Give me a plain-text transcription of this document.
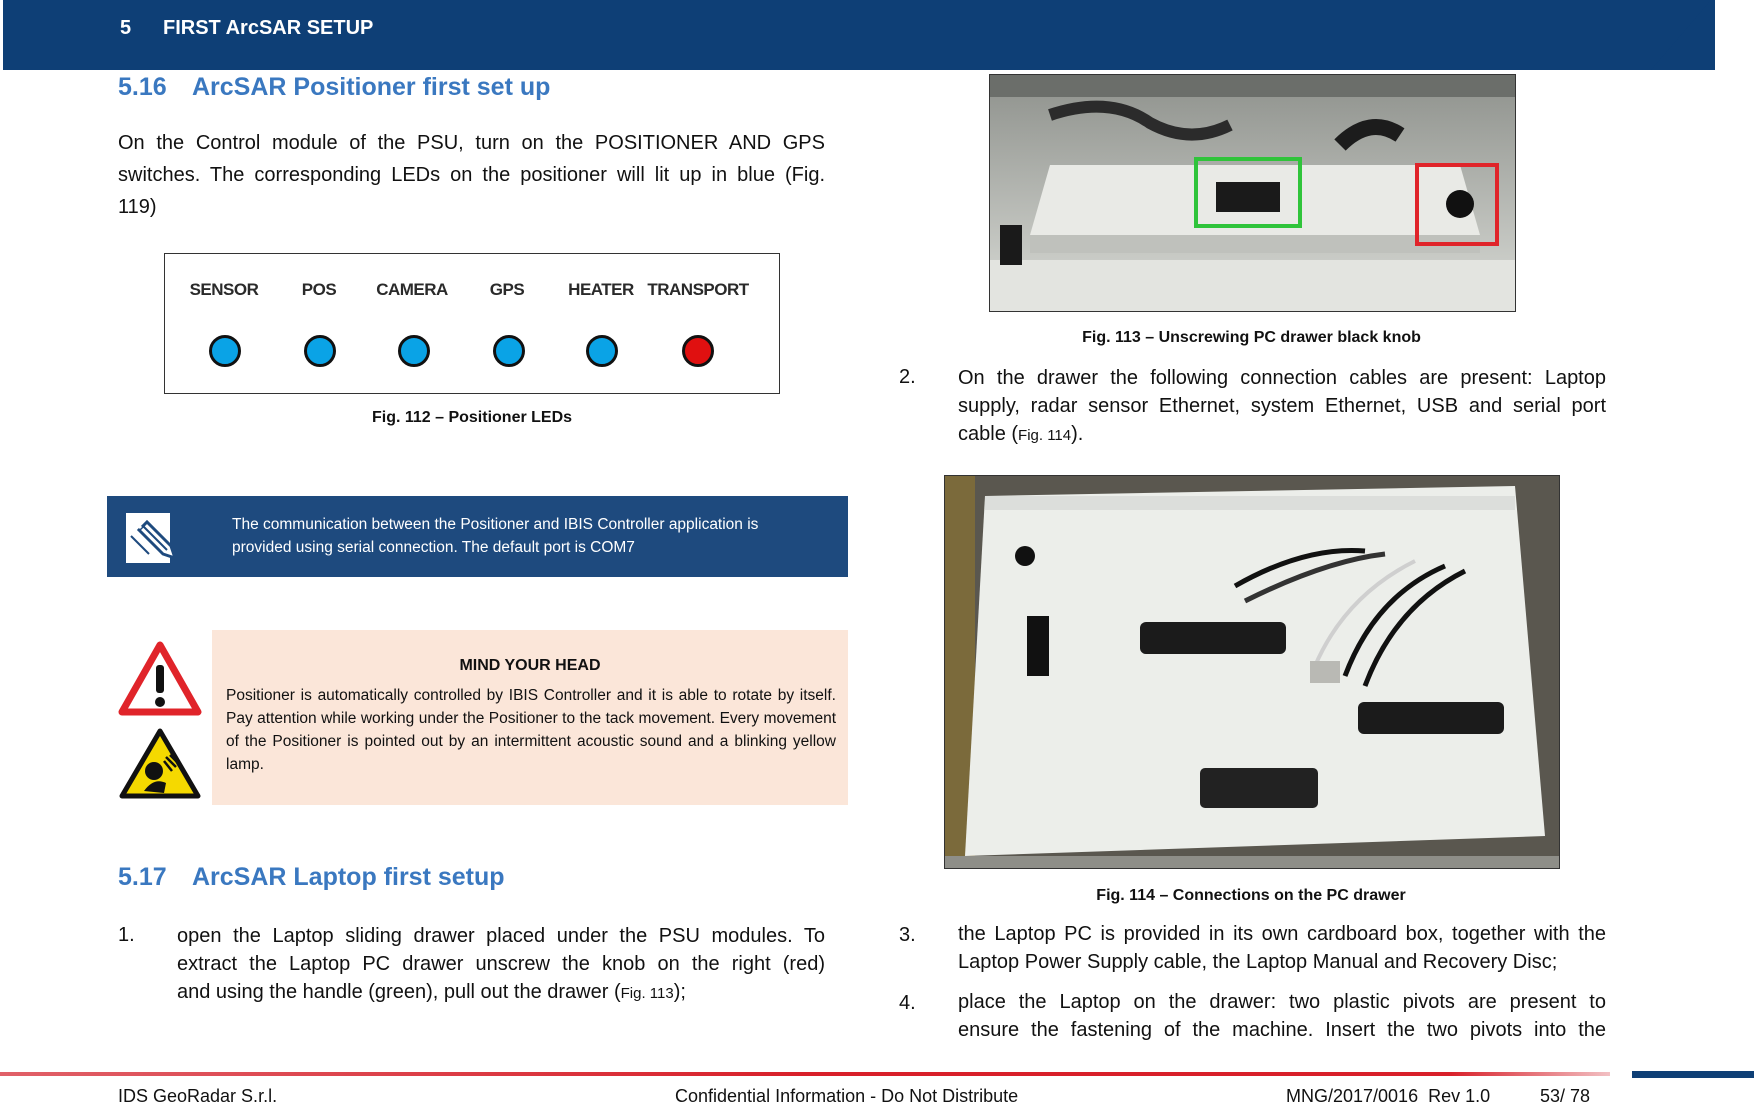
5 FIRST ArcSAR SETUP
5.16 ArcSAR Positioner first set up
On the Control module of the PSU, turn on the POSITIONER AND GPS
switches. The corresponding LEDs on the positioner will lit up in blue (Fig.
119)
SENSOR	POS	CAMERA	GPS	HEATER TRANSPORT
Fig. 112 – Positioner LEDs
The communication between the Positioner and IBIS Controller application is
provided using serial connection. The default port is COM7
MIND YOUR HEAD
Positioner is automatically controlled by IBIS Controller and it is able to rotate by itself. Pay attention while working under the Positioner to the tack movement. Every movement of the Positioner is pointed out by an intermittent acoustic sound and a blinking yellow lamp.
5.17 ArcSAR Laptop first setup
1. open the Laptop sliding drawer placed under the PSU modules. To
extract the Laptop PC drawer unscrew the knob on the right (red)
and using the handle (green), pull out the drawer (Fig. 113);
Fig. 113 – Unscrewing PC drawer black knob
2. On the drawer the following connection cables are present: Laptop
supply, radar sensor Ethernet, system Ethernet, USB and serial port
cable (Fig. 114).
Fig. 114 – Connections on the PC drawer
3. the Laptop PC is provided in its own cardboard box, together with the
Laptop Power Supply cable, the Laptop Manual and Recovery Disc;
4. place the Laptop on the drawer: two plastic pivots are present to
ensure the fastening of the machine. Insert the two pivots into the
IDS GeoRadar S.r.l.	Confidential Information - Do Not Distribute	MNG/2017/0016  Rev 1.0	53/ 78
